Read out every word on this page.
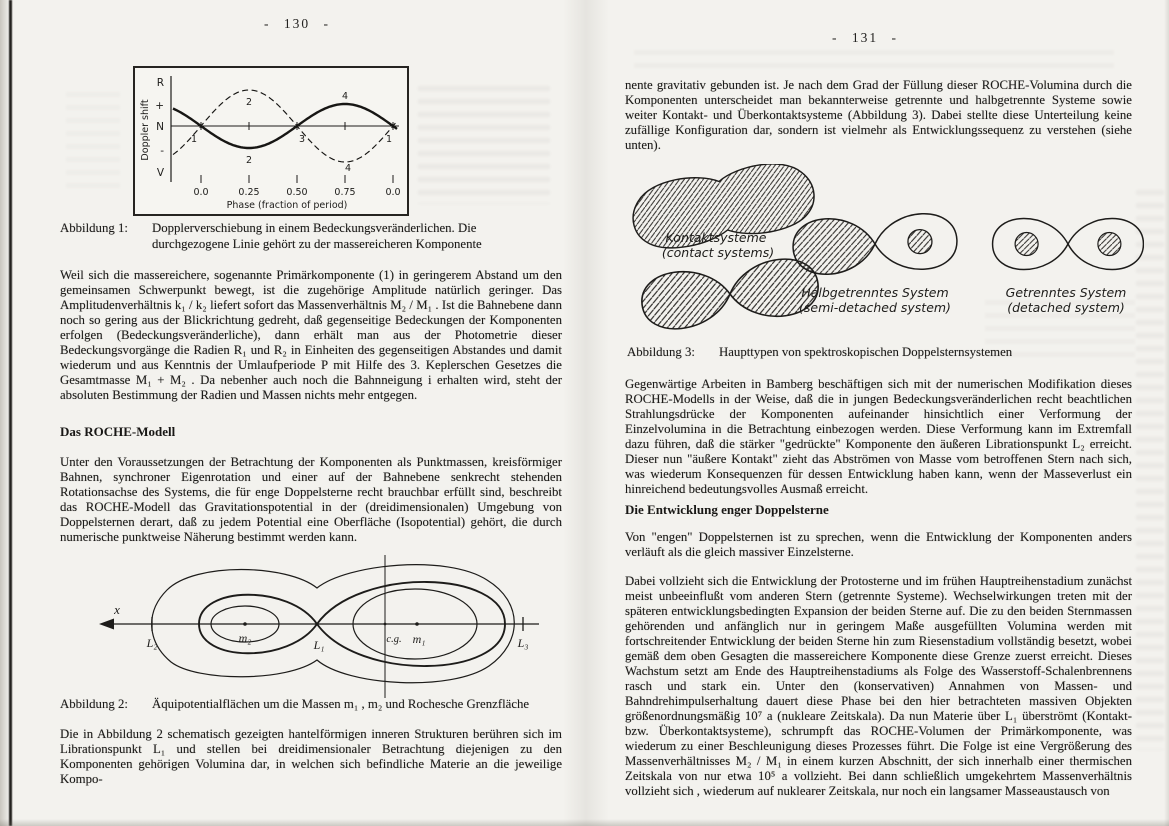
- 130 -
Doppler shift
R
+
N
-
V
1
2
2
3
4
4
1
0.0	0.25	0.50	0.75	0.0
Phase (fraction of period)
Abbildung 1:	Dopplerverschiebung in einem Bedeckungsveränderlichen. Die durchgezogene Linie gehört zu der massereicheren Komponente
Weil sich die massereichere, sogenannte Primärkomponente (1) in geringerem Abstand um den gemeinsamen Schwerpunkt bewegt, ist die zugehörige Amplitude natürlich geringer. Das Amplitudenverhältnis k₁ / k₂ liefert sofort das Massenverhältnis M₂ / M₁ . Ist die Bahnebene dann noch so gering aus der Blickrichtung gedreht, daß gegenseitige Bedeckungen der Komponenten erfolgen (Bedeckungsveränderliche), dann erhält man aus der Photometrie dieser Bedeckungsvorgänge die Radien R₁ und R₂ in Einheiten des gegenseitigen Abstandes und damit wiederum und aus Kenntnis der Umlaufperiode P mit Hilfe des 3. Keplerschen Gesetzes die Gesamtmasse M₁ + M₂ . Da nebenher auch noch die Bahnneigung i erhalten wird, steht der absoluten Bestimmung der Radien und Massen nichts mehr entgegen.
Das ROCHE-Modell
Unter den Voraussetzungen der Betrachtung der Komponenten als Punktmassen, kreisförmiger Bahnen, synchroner Eigenrotation und einer auf der Bahnebene senkrecht stehenden Rotationsachse des Systems, die für enge Doppelsterne recht brauchbar erfüllt sind, beschreibt das ROCHE-Modell das Gravitationspotential in der (dreidimensionalen) Umgebung von Doppelsternen derart, daß zu jedem Potential eine Oberfläche (Isopotential) gehört, die durch numerische punktweise Näherung bestimmt werden kann.
x
L₂	m₂	L₁	c.g. m₁	L₃
Abbildung 2:	Äquipotentialflächen um die Massen m₁ , m₂ und Rochesche Grenzfläche
Die in Abbildung 2 schematisch gezeigten hantelförmigen inneren Strukturen berühren sich im Librationspunkt L₁ und stellen bei dreidimensionaler Betrachtung diejenigen zu den Komponenten gehörigen Volumina dar, in welchen sich befindliche Materie an die jeweilige Kompo-
- 131 -
nente gravitativ gebunden ist. Je nach dem Grad der Füllung dieser ROCHE-Volumina durch die Komponenten unterscheidet man bekannterweise getrennte und halbgetrennte Systeme sowie weiter Kontakt- und Überkontaktsysteme (Abbildung 3). Dabei stellte diese Unterteilung keine zufällige Konfiguration dar, sondern ist vielmehr als Entwicklungssequenz zu verstehen (siehe unten).
Kontaktsysteme
(contact systems)
Halbgetrenntes System
(semi-detached system)
Getrenntes System
(detached system)
Abbildung 3:	Haupttypen von spektroskopischen Doppelsternsystemen
Gegenwärtige Arbeiten in Bamberg beschäftigen sich mit der numerischen Modifikation dieses ROCHE-Modells in der Weise, daß die in jungen Bedeckungsveränderlichen recht beachtlichen Strahlungsdrücke der Komponenten aufeinander hinsichtlich einer Verformung der Einzelvolumina in die Betrachtung einbezogen werden. Diese Verformung kann im Extremfall dazu führen, daß die stärker "gedrückte" Komponente den äußeren Librationspunkt L₂ erreicht. Dieser nun "äußere Kontakt" zieht das Abströmen von Masse vom betroffenen Stern nach sich, was wiederum Konsequenzen für dessen Entwicklung haben kann, wenn der Masseverlust ein hinreichend bedeutungsvolles Ausmaß erreicht.
Die Entwicklung enger Doppelsterne
Von "engen" Doppelsternen ist zu sprechen, wenn die Entwicklung der Komponenten anders verläuft als die gleich massiver Einzelsterne.
Dabei vollzieht sich die Entwicklung der Protosterne und im frühen Hauptreihenstadium zunächst meist unbeeinflußt vom anderen Stern (getrennte Systeme). Wechselwirkungen treten mit der späteren entwicklungsbedingten Expansion der beiden Sterne auf. Die zu den beiden Sternmassen gehörenden und anfänglich nur in geringem Maße ausgefüllten Volumina werden mit fortschreitender Entwicklung der beiden Sterne hin zum Riesenstadium vollständig besetzt, wobei gemäß dem oben Gesagten die massereichere Komponente diese Grenze zuerst erreicht. Dieses Wachstum setzt am Ende des Hauptreihenstadiums als Folge des Wasserstoff-Schalenbrennens rasch und stark ein. Unter den (konservativen) Annahmen von Massen- und Bahndrehimpulserhaltung dauert diese Phase bei den hier betrachteten massiven Objekten größenordnungsmäßig 10⁷ a (nukleare Zeitskala). Da nun Materie über L₁ überströmt (Kontakt- bzw. Überkontaktsysteme), schrumpft das ROCHE-Volumen der Primärkomponente, was wiederum zu einer Beschleunigung dieses Prozesses führt. Die Folge ist eine Vergrößerung des Massenverhältnisses M₂ / M₁ in einem kurzen Abschnitt, der sich innerhalb einer thermischen Zeitskala von nur etwa 10⁵ a vollzieht. Bei dann schließlich umgekehrtem Massenverhältnis vollzieht sich , wiederum auf nuklearer Zeitskala, nur noch ein langsamer Masseaustausch von
